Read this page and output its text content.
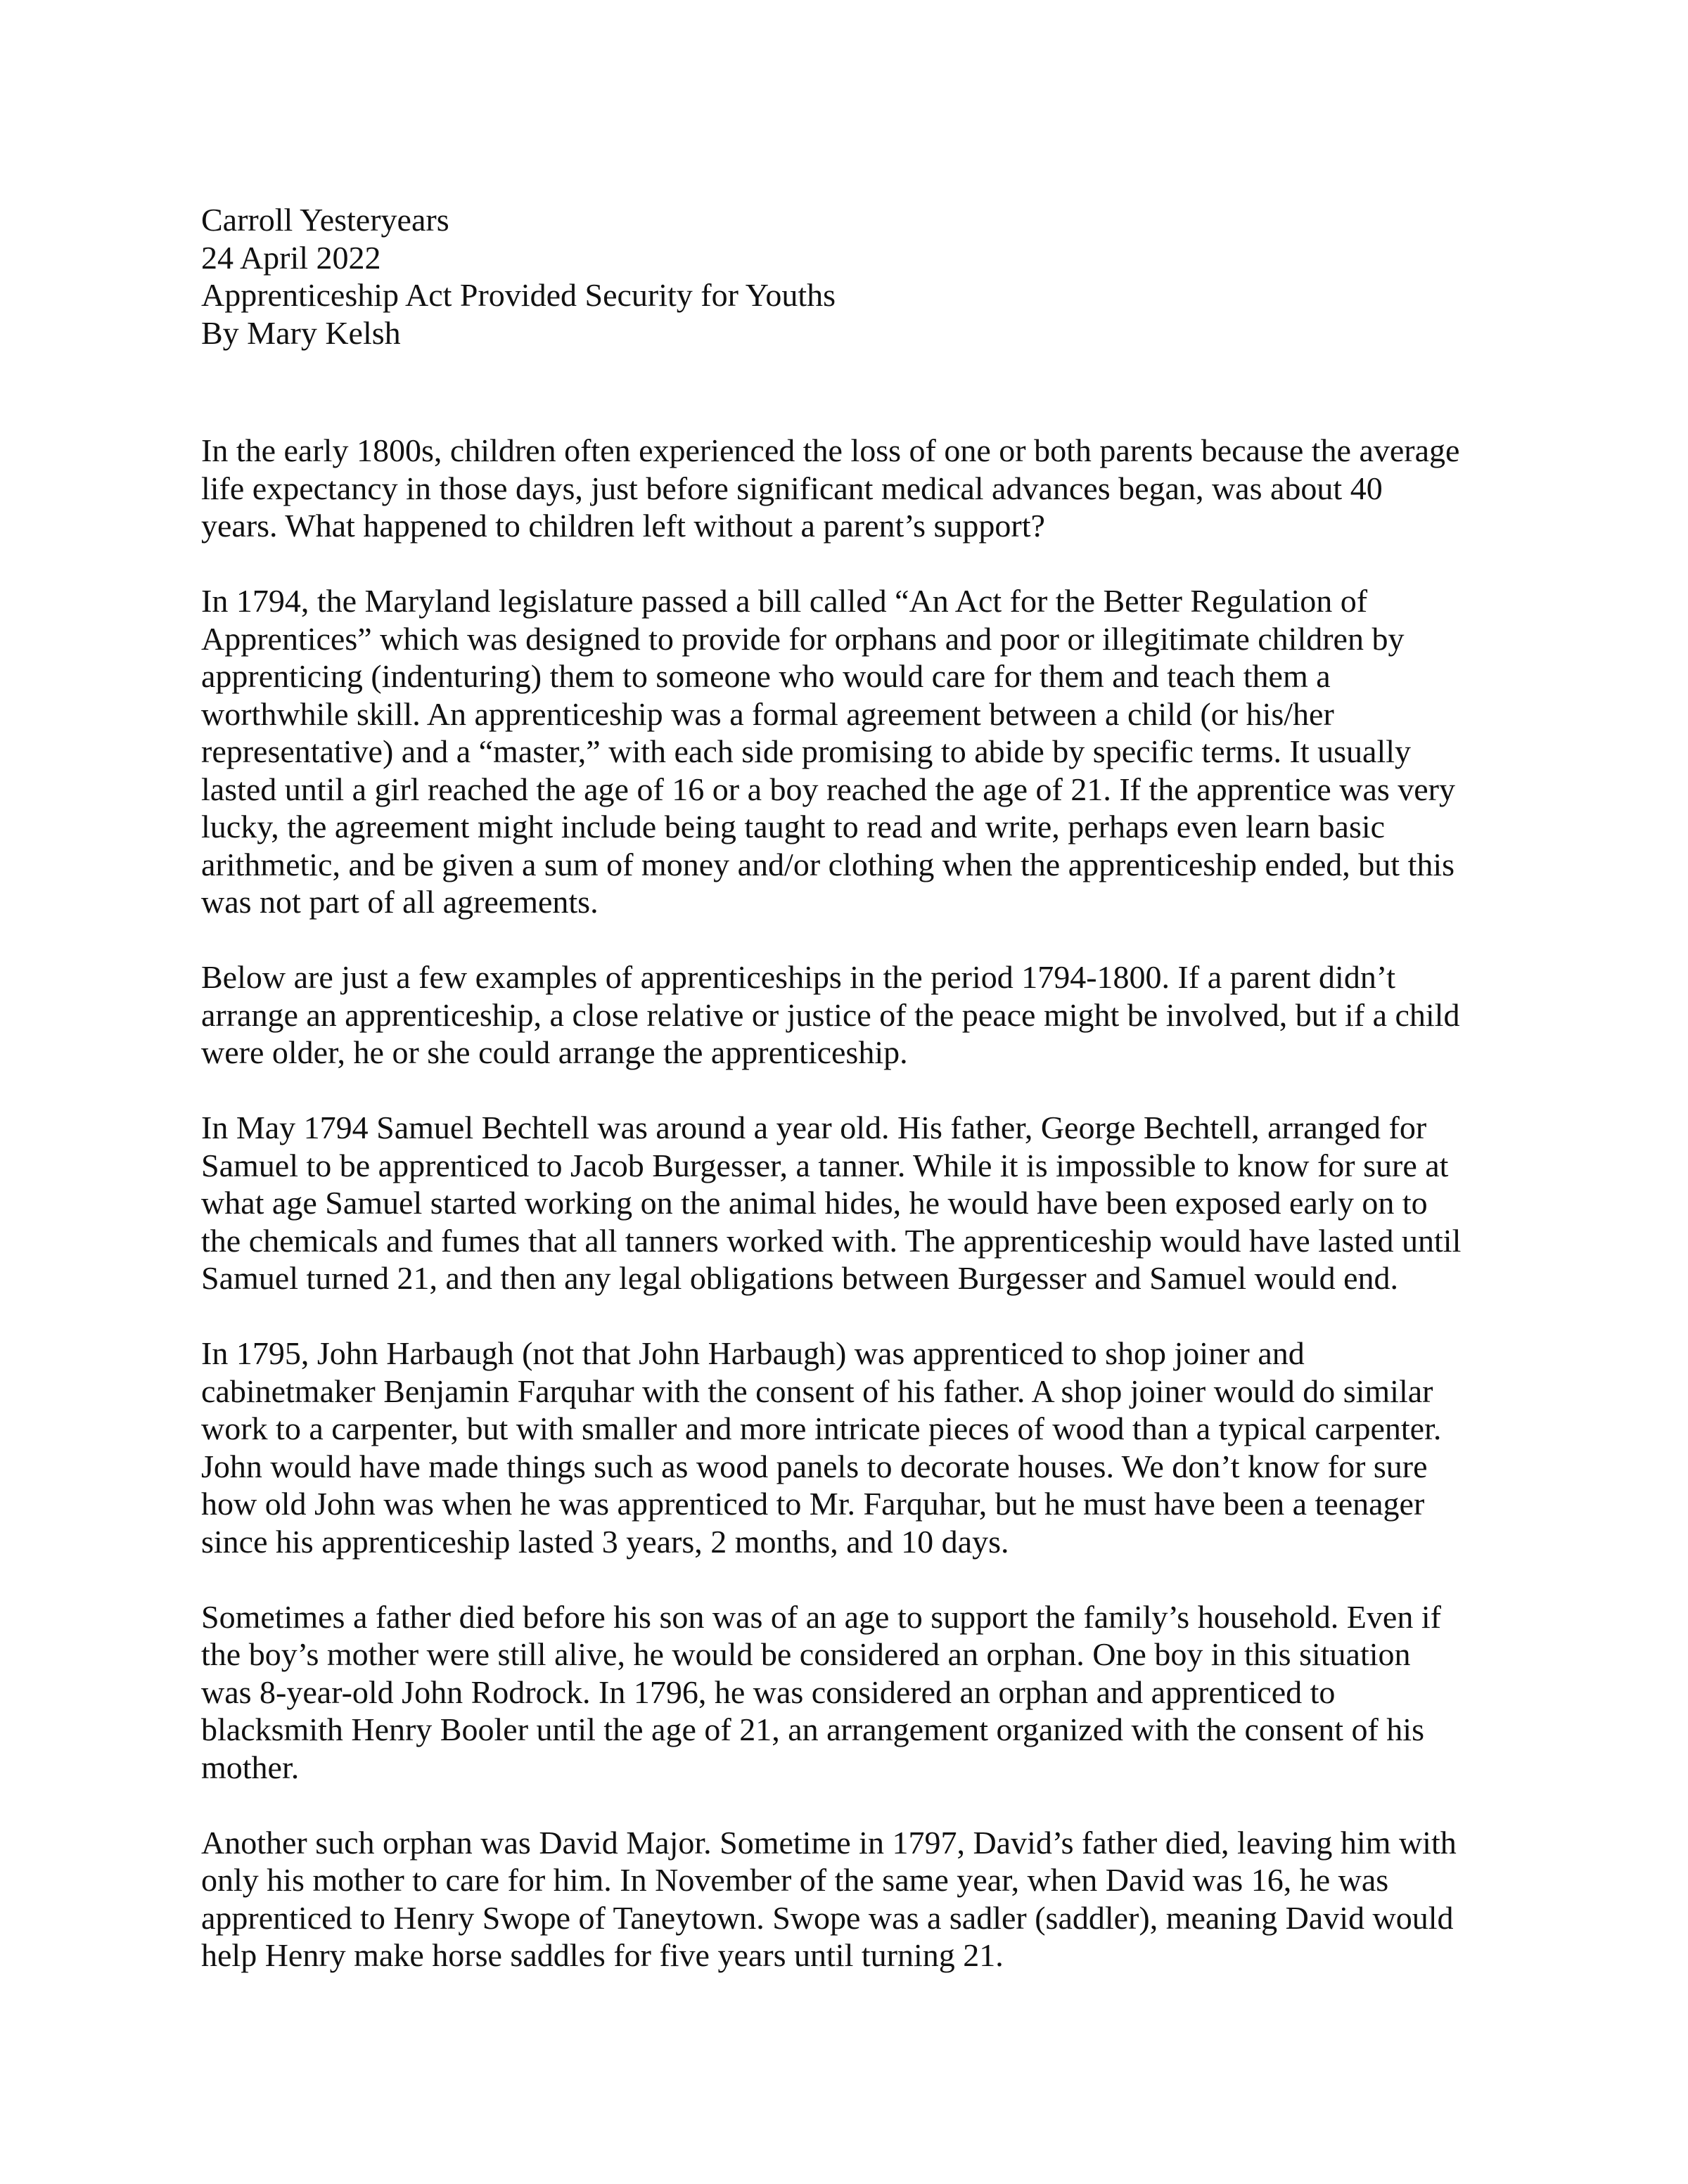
Carroll Yesteryears
24 April 2022
Apprenticeship Act Provided Security for Youths
By Mary Kelsh
In the early 1800s, children often experienced the loss of one or both parents because the average
life expectancy in those days, just before significant medical advances began, was about 40
years. What happened to children left without a parent’s support?
In 1794, the Maryland legislature passed a bill called “An Act for the Better Regulation of
Apprentices” which was designed to provide for orphans and poor or illegitimate children by
apprenticing (indenturing) them to someone who would care for them and teach them a
worthwhile skill. An apprenticeship was a formal agreement between a child (or his/her
representative) and a “master,” with each side promising to abide by specific terms. It usually
lasted until a girl reached the age of 16 or a boy reached the age of 21. If the apprentice was very
lucky, the agreement might include being taught to read and write, perhaps even learn basic
arithmetic, and be given a sum of money and/or clothing when the apprenticeship ended, but this
was not part of all agreements.
Below are just a few examples of apprenticeships in the period 1794-1800. If a parent didn’t
arrange an apprenticeship, a close relative or justice of the peace might be involved, but if a child
were older, he or she could arrange the apprenticeship.
In May 1794 Samuel Bechtell was around a year old. His father, George Bechtell, arranged for
Samuel to be apprenticed to Jacob Burgesser, a tanner. While it is impossible to know for sure at
what age Samuel started working on the animal hides, he would have been exposed early on to
the chemicals and fumes that all tanners worked with. The apprenticeship would have lasted until
Samuel turned 21, and then any legal obligations between Burgesser and Samuel would end.
In 1795, John Harbaugh (not that John Harbaugh) was apprenticed to shop joiner and
cabinetmaker Benjamin Farquhar with the consent of his father. A shop joiner would do similar
work to a carpenter, but with smaller and more intricate pieces of wood than a typical carpenter.
John would have made things such as wood panels to decorate houses. We don’t know for sure
how old John was when he was apprenticed to Mr. Farquhar, but he must have been a teenager
since his apprenticeship lasted 3 years, 2 months, and 10 days.
Sometimes a father died before his son was of an age to support the family’s household. Even if
the boy’s mother were still alive, he would be considered an orphan. One boy in this situation
was 8-year-old John Rodrock. In 1796, he was considered an orphan and apprenticed to
blacksmith Henry Booler until the age of 21, an arrangement organized with the consent of his
mother.
Another such orphan was David Major. Sometime in 1797, David’s father died, leaving him with
only his mother to care for him. In November of the same year, when David was 16, he was
apprenticed to Henry Swope of Taneytown. Swope was a sadler (saddler), meaning David would
help Henry make horse saddles for five years until turning 21.
